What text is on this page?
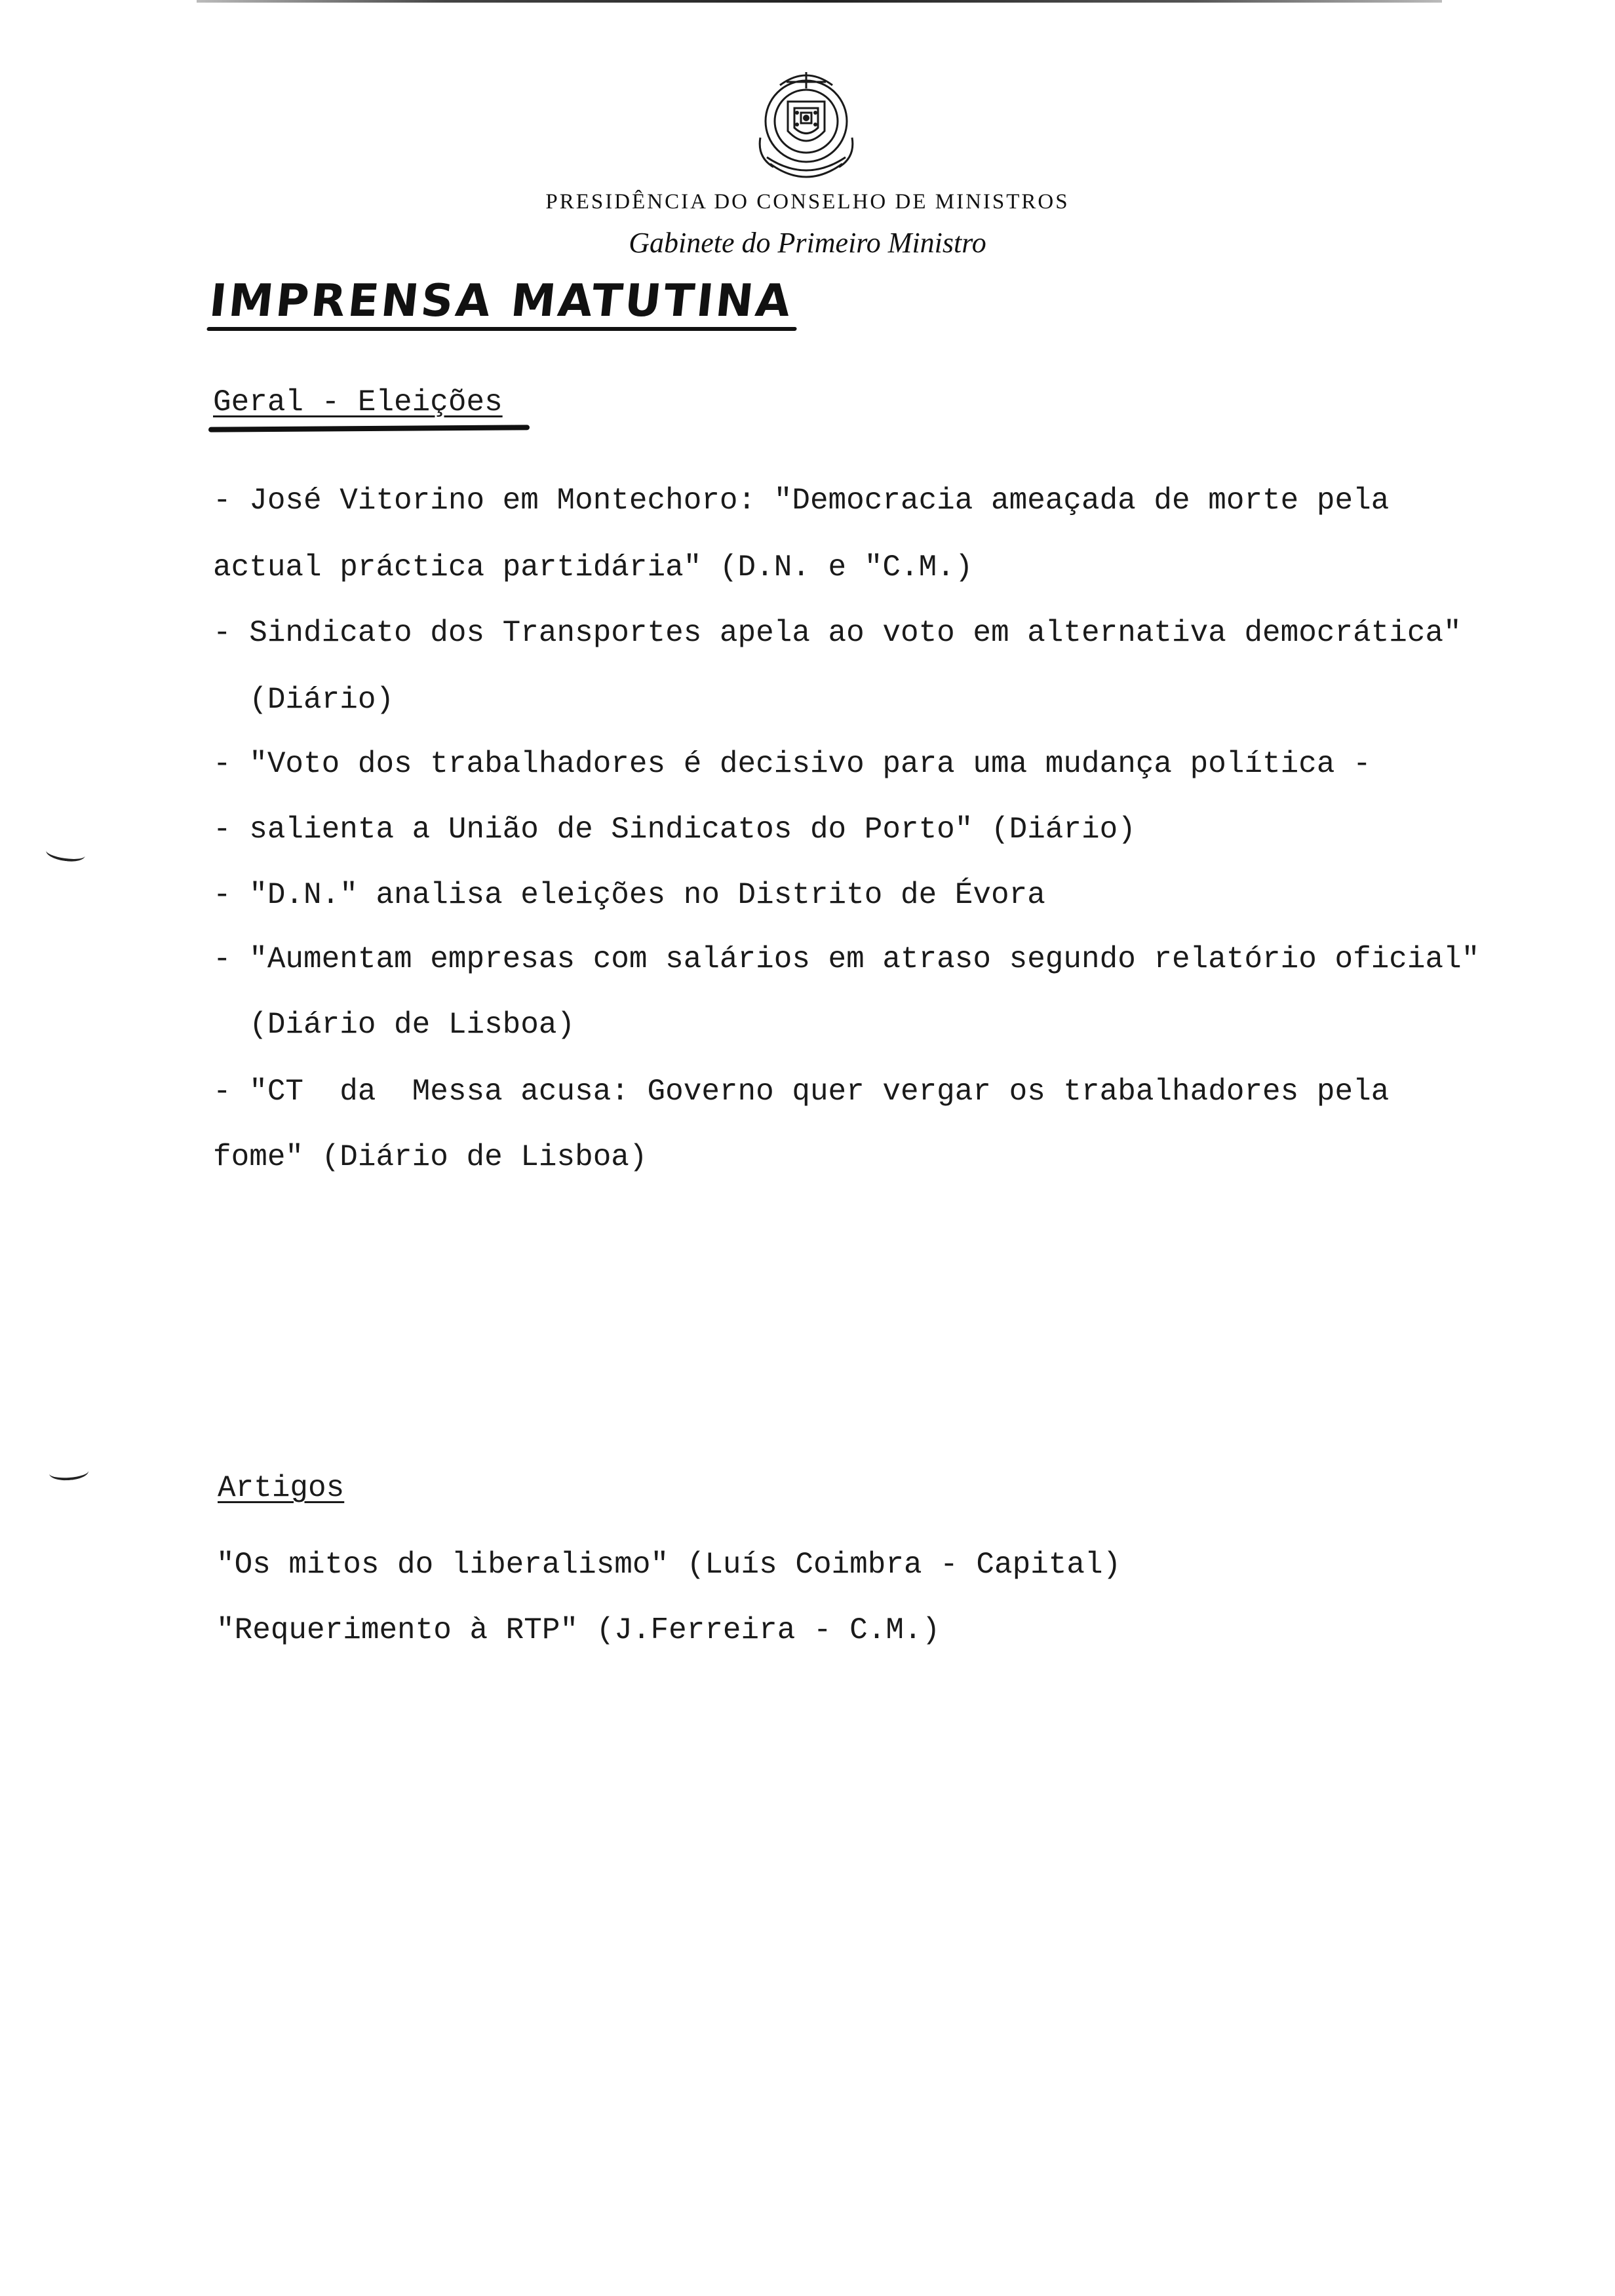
PRESIDÊNCIA DO CONSELHO DE MINISTROS
Gabinete do Primeiro Ministro
IMPRENSA MATUTINA
Geral - Eleições
- José Vitorino em Montechoro: "Democracia ameaçada de morte pela
actual práctica partidária" (D.N. e "C.M.)
- Sindicato dos Transportes apela ao voto em alternativa democrática"
(Diário)
- "Voto dos trabalhadores é decisivo para uma mudança política -
- salienta a União de Sindicatos do Porto" (Diário)
- "D.N." analisa eleições no Distrito de Évora
- "Aumentam empresas com salários em atraso segundo relatório oficial"
(Diário de Lisboa)
- "CT  da  Messa acusa: Governo quer vergar os trabalhadores pela
fome" (Diário de Lisboa)
Artigos
"Os mitos do liberalismo" (Luís Coimbra - Capital)
"Requerimento à RTP" (J.Ferreira - C.M.)
